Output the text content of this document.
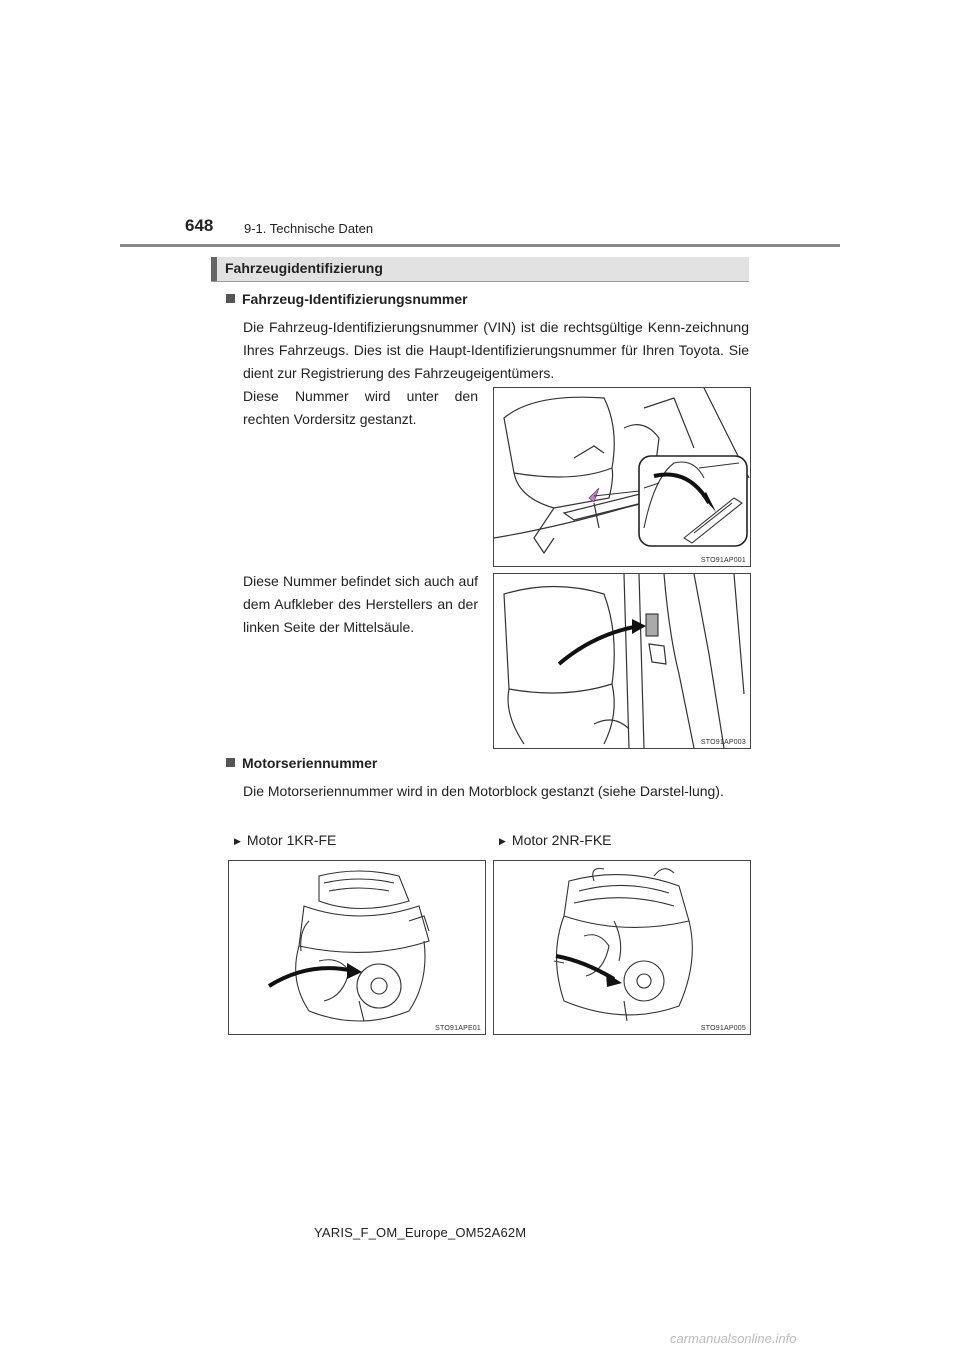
648 9-1. Technische Daten
Fahrzeugidentifizierung
Fahrzeug-Identifizierungsnummer
Die Fahrzeug-Identifizierungsnummer (VIN) ist die rechtsgültige Kenn-zeichnung Ihres Fahrzeugs. Dies ist die Haupt-Identifizierungsnummer für Ihren Toyota. Sie dient zur Registrierung des Fahrzeugeigentümers.
Diese Nummer wird unter den rechten Vordersitz gestanzt.
Diese Nummer befindet sich auch auf dem Aufkleber des Herstellers an der linken Seite der Mittelsäule.
STO91AP001
STO91AP003
Motorseriennummer
Die Motorseriennummer wird in den Motorblock gestanzt (siehe Darstel-lung).
▶ Motor 1KR-FE	▶ Motor 2NR-FKE
STO91APE01	STO91AP005
YARIS_F_OM_Europe_OM52A62M
carmanualsonline.info
